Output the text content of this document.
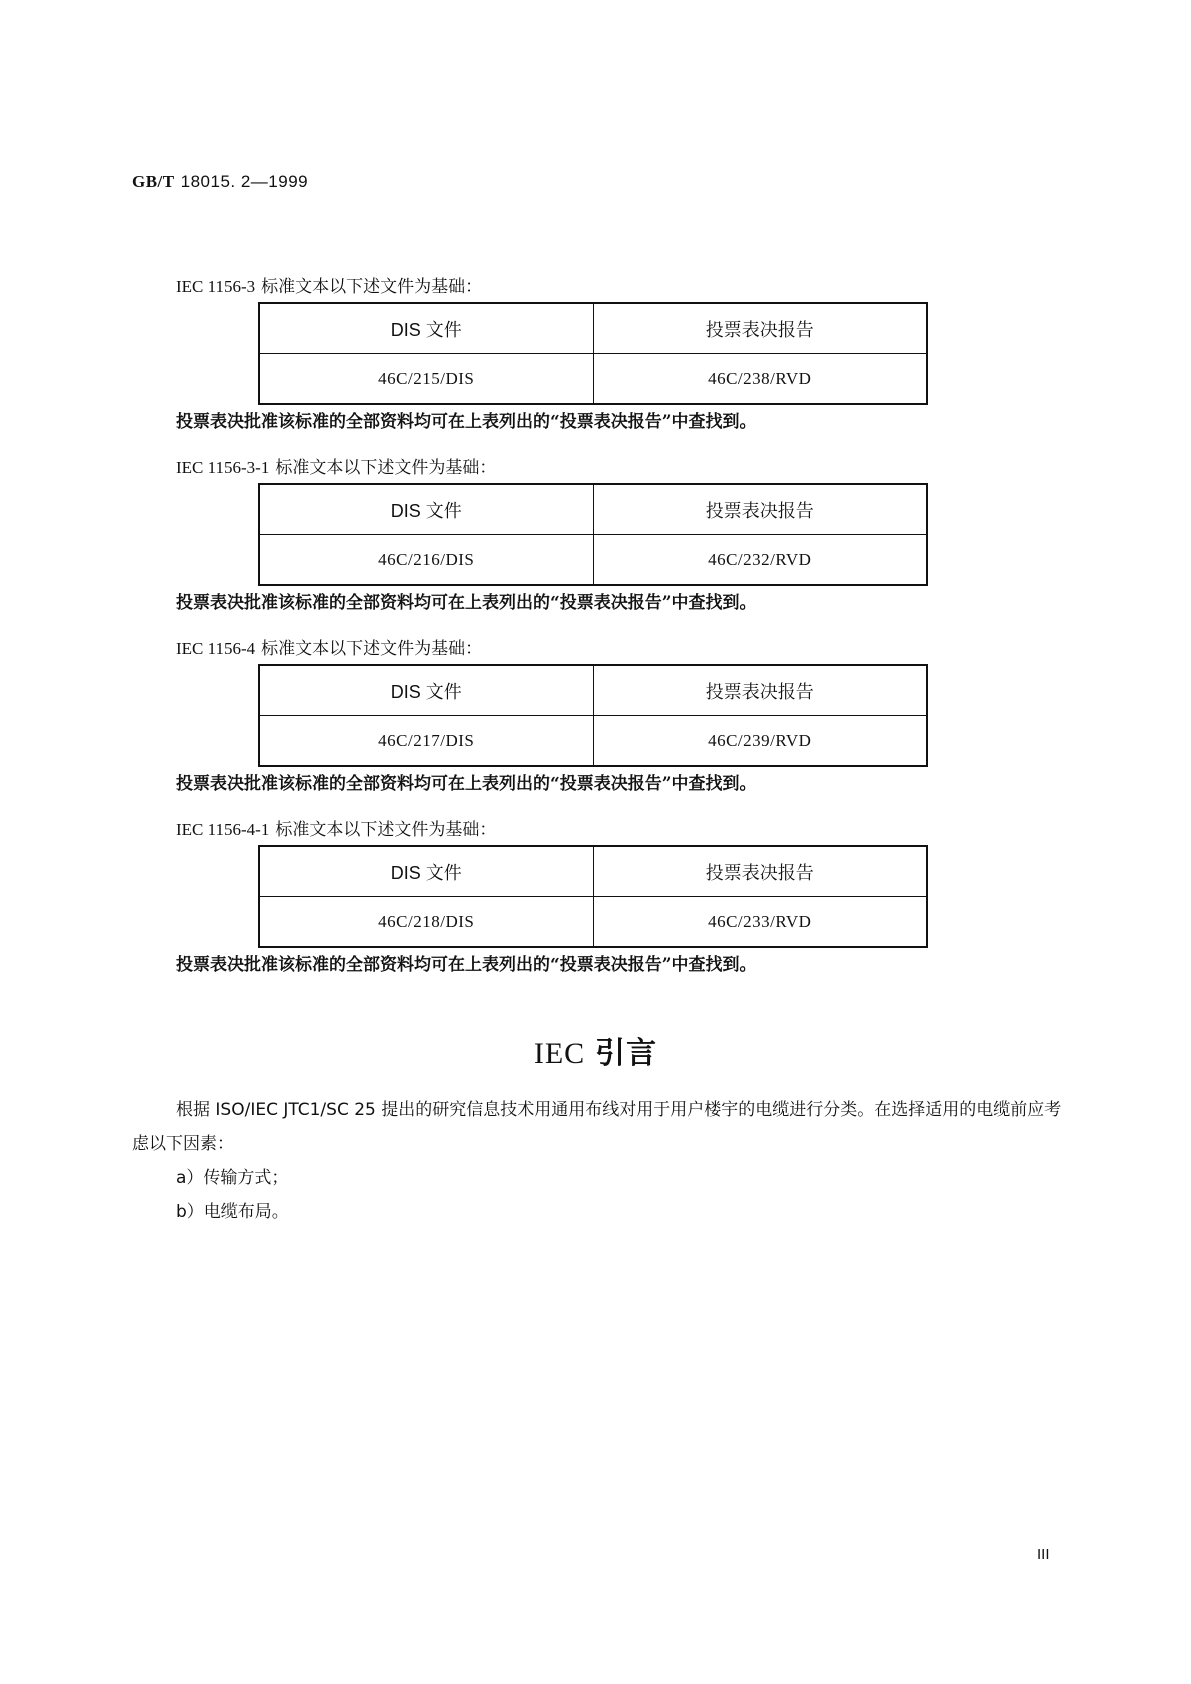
GB/T 18015. 2—1999
IEC 1156-3 标准文本以下述文件为基础：
DIS 文件	投票表决报告
46C/215/DIS	46C/238/RVD
投票表决批准该标准的全部资料均可在上表列出的“投票表决报告”中查找到。
IEC 1156-3-1 标准文本以下述文件为基础：
DIS 文件	投票表决报告
46C/216/DIS	46C/232/RVD
投票表决批准该标准的全部资料均可在上表列出的“投票表决报告”中查找到。
IEC 1156-4 标准文本以下述文件为基础：
DIS 文件	投票表决报告
46C/217/DIS	46C/239/RVD
投票表决批准该标准的全部资料均可在上表列出的“投票表决报告”中查找到。
IEC 1156-4-1 标准文本以下述文件为基础：
DIS 文件	投票表决报告
46C/218/DIS	46C/233/RVD
投票表决批准该标准的全部资料均可在上表列出的“投票表决报告”中查找到。
IEC 引言

根据 ISO/IEC JTC1/SC 25 提出的研究信息技术用通用布线对用于用户楼宇的电缆进行分类。在选择适用的电缆前应考虑以下因素：

a）传输方式；

b）电缆布局。

III
